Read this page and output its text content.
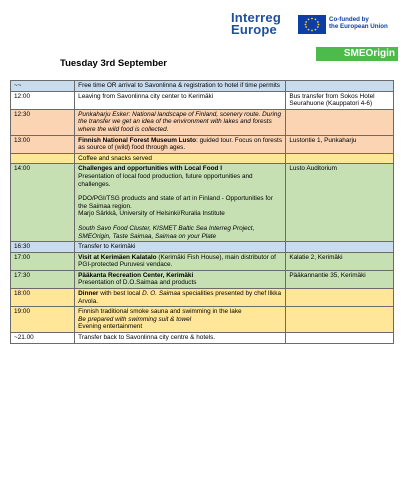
Interreg
Europe
Co-funded by
the European Union
SMEOrigin
Tuesday 3rd September
~~	Free time OR arrival to Savonlinna & registration to hotel if time permits	
12:00	Leaving from Savonlinna city center to Kerimäki	Bus transfer from Sokos Hotel Seurahuone (Kauppatori 4-6)
12:30	Punkaharju Esker: National landscape of Finland, scenery route. During the transfer we get an idea of the environment with lakes and forests where the wild food is collected.	
13:00	Finnish National Forest Museum Lusto: guided tour. Focus on forests as source of (wild) food through ages.	Lustontie 1, Punkaharju
	Coffee and snacks served	
14:00	Challenges and opportunities with Local Food I
Presentation of local food production, future opportunities and challenges.
PDO/PGI/TSG products and state of art in Finland - Opportunities for the Saimaa region.
Marjo Särkkä, University of Helsinki/Ruralia Institute
South Savo Food Cluster, KISMET Baltic Sea Interreg Project, SMEOrigin, Taste Saimaa, Saimaa on your Plate	Lusto Auditorium
16:30	Transfer to Kerimäki	
17:00	Visit at Kerimäen Kalatalo (Kerimäki Fish House), main distributor of PGI-protected Puruvesi vendace.	Kalatie 2, Kerimäki
17:30	Pääkanta Recreation Center, Kerimäki
Presentation of D.O.Saimaa and products	Pääkannantie 35, Kerimäki
18:00	Dinner with best local D. O. Saimaa specialities presented by chef Ilkka Arvola.	
19:00	Finnish traditional smoke sauna and swimming in the lake
Be prepared with swimming suit & towel
Evening entertainment	

~21.00	Transfer back to Savonlinna city centre & hotels.	
